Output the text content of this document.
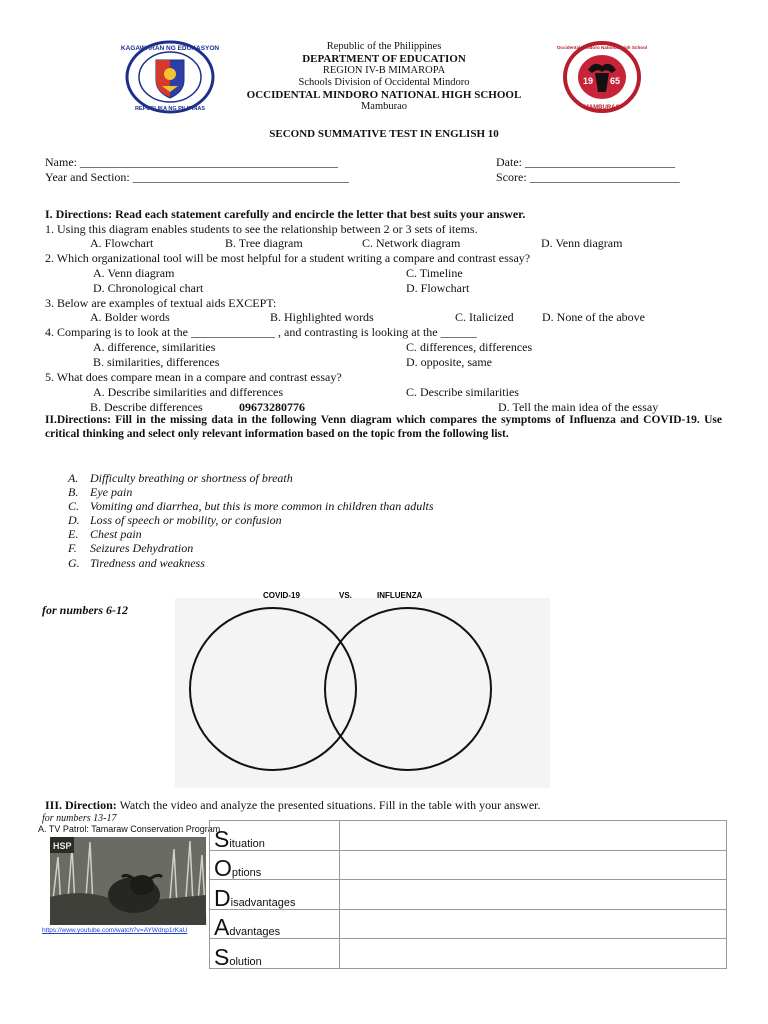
KAGAWARAN NG EDUKASYON
REPUBLIKA NG PILIPINAS
19 65
Occidental Mindoro National High School
MAMBURAO
Republic of the Philippines
DEPARTMENT OF EDUCATION
REGION IV-B MIMAROPA
Schools Division of Occidental Mindoro
OCCIDENTAL MINDORO NATIONAL HIGH SCHOOL
Mamburao
SECOND SUMMATIVE TEST IN ENGLISH 10
Name: ___________________________________________	Date: _________________________
Year and Section: ____________________________________	Score: _________________________
I. Directions: Read each statement carefully and encircle the letter that best suits your answer.
1. Using this diagram enables students to see the relationship between 2 or 3 sets of items.
A. Flowchart	B. Tree diagram	C. Network diagram	D. Venn diagram
2. Which organizational tool will be most helpful for a student writing a compare and contrast essay?
A. Venn diagram	C. Timeline
D. Chronological chart	D. Flowchart
3. Below are examples of textual aids EXCEPT:
A. Bolder words	B. Highlighted words	C. Italicized D. None of the above
4. Comparing is to look at the ______________ , and contrasting is looking at the ______
A. difference, similarities	C. differences, differences
B. similarities, differences	D. opposite, same
5. What does compare mean in a compare and contrast essay?
A. Describe similarities and differences	C. Describe similarities
B. Describe differences	09673280776	D. Tell the main idea of the essay
II.Directions: Fill in the missing data in the following Venn diagram which compares the symptoms of Influenza and COVID-19. Use critical thinking and select only relevant information based on the topic from the following list.
A. Difficulty breathing or shortness of breath
B. Eye pain
C. Vomiting and diarrhea, but this is more common in children than adults
D. Loss of speech or mobility, or confusion
E. Chest pain
F. Seizures Dehydration
G. Tiredness and weakness
for numbers 6-12
COVID-19	VS.	INFLUENZA
III. Direction: Watch the video and analyze the presented situations. Fill in the table with your answer.
for numbers 13-17
A. TV Patrol: Tamaraw Conservation Program
HSP
https://www.youtube.com/watch?v=AYWdnp1rKaU
Situation	
Options	
Disadvantages	
Advantages	
Solution	
